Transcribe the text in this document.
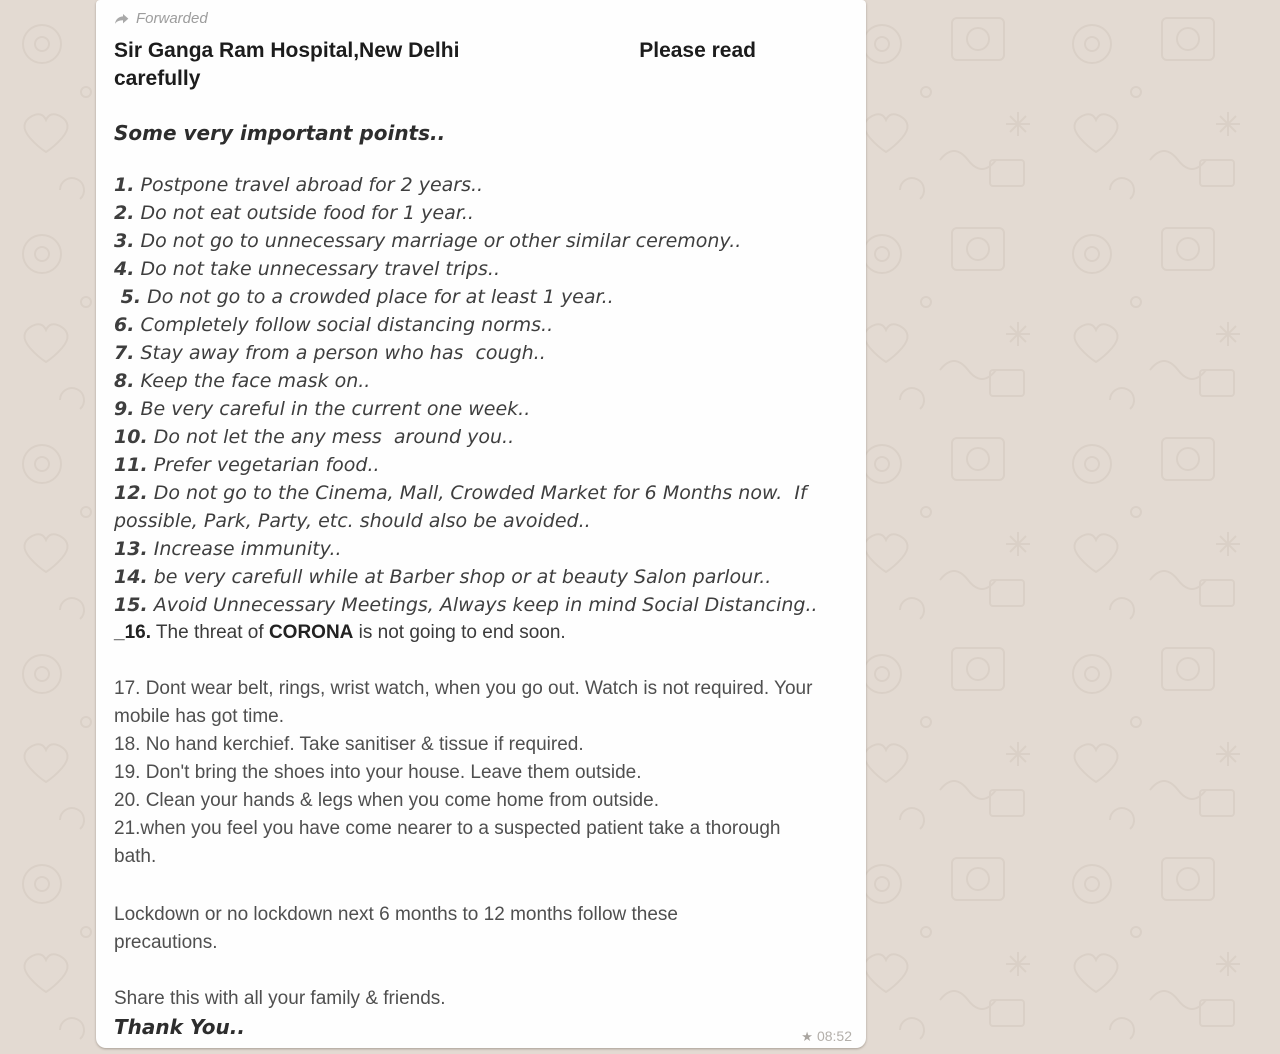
Forwarded
Sir Ganga Ram Hospital,New Delhi	Please read
carefully
Some very important points..
1. Postpone travel abroad for 2 years..
2. Do not eat outside food for 1 year..
3. Do not go to unnecessary marriage or other similar ceremony..
4. Do not take unnecessary travel trips..
5. Do not go to a crowded place for at least 1 year..
6. Completely follow social distancing norms..
7. Stay away from a person who has  cough..
8. Keep the face mask on..
9. Be very careful in the current one week..
10. Do not let the any mess  around you..
11. Prefer vegetarian food..
12. Do not go to the Cinema, Mall, Crowded Market for 6 Months now.  If possible, Park, Party, etc. should also be avoided..
13. Increase immunity..
14. be very carefull while at Barber shop or at beauty Salon parlour..
15. Avoid Unnecessary Meetings, Always keep in mind Social Distancing..
_16. The threat of CORONA is not going to end soon.
17. Dont wear belt, rings, wrist watch, when you go out. Watch is not required. Your mobile has got time.
18. No hand kerchief. Take sanitiser & tissue if required.
19. Don't bring the shoes into your house. Leave them outside.
20. Clean your hands & legs when you come home from outside.
21.when you feel you have come nearer to a suspected patient take a thorough bath.

Lockdown or no lockdown next 6 months to 12 months follow these precautions.

Share this with all your family & friends.

Thank You..	★ 08:52
